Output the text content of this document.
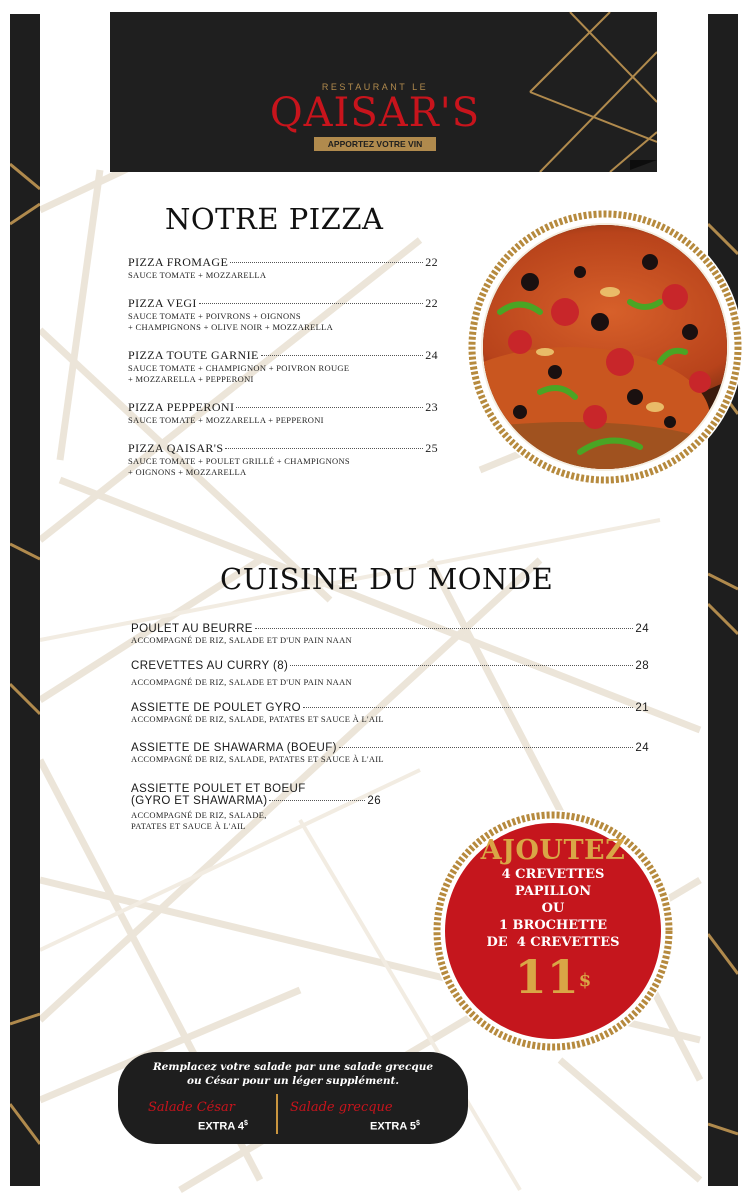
RESTAURANT LE
QAISAR'S
APPORTEZ VOTRE VIN
NOTRE PIZZA
PIZZA FROMAGE	22
SAUCE TOMATE + MOZZARELLA
PIZZA VEGI	22
SAUCE TOMATE + POIVRONS + OIGNONS
+ CHAMPIGNONS + OLIVE NOIR + MOZZARELLA
PIZZA TOUTE GARNIE	24
SAUCE TOMATE + CHAMPIGNON + POIVRON ROUGE
+ MOZZARELLA + PEPPERONI
PIZZA PEPPERONI	23
SAUCE TOMATE + MOZZARELLA + PEPPERONI
PIZZA QAISAR'S	25
SAUCE TOMATE + POULET GRILLÉ + CHAMPIGNONS
+ OIGNONS + MOZZARELLA
CUISINE DU MONDE
POULET AU BEURRE	24
ACCOMPAGNÉ DE RIZ, SALADE ET D'UN PAIN NAAN
CREVETTES AU CURRY (8)	28
ACCOMPAGNÉ DE RIZ, SALADE ET D'UN PAIN NAAN
ASSIETTE DE POULET GYRO	21
ACCOMPAGNÉ DE RIZ, SALADE, PATATES ET SAUCE À L'AIL
ASSIETTE DE SHAWARMA (BOEUF)	24
ACCOMPAGNÉ DE RIZ, SALADE, PATATES ET SAUCE À L'AIL
ASSIETTE POULET ET BOEUF
(GYRO ET SHAWARMA)	26
ACCOMPAGNÉ DE RIZ, SALADE,
PATATES ET SAUCE À L'AIL
AJOUTEZ
4 CREVETTES
PAPILLON
OU
1 BROCHETTE
DE  4 CREVETTES
11$
Remplacez votre salade par une salade grecque
ou César pour un léger supplément.
Salade César
EXTRA 4$
Salade grecque
EXTRA 5$
